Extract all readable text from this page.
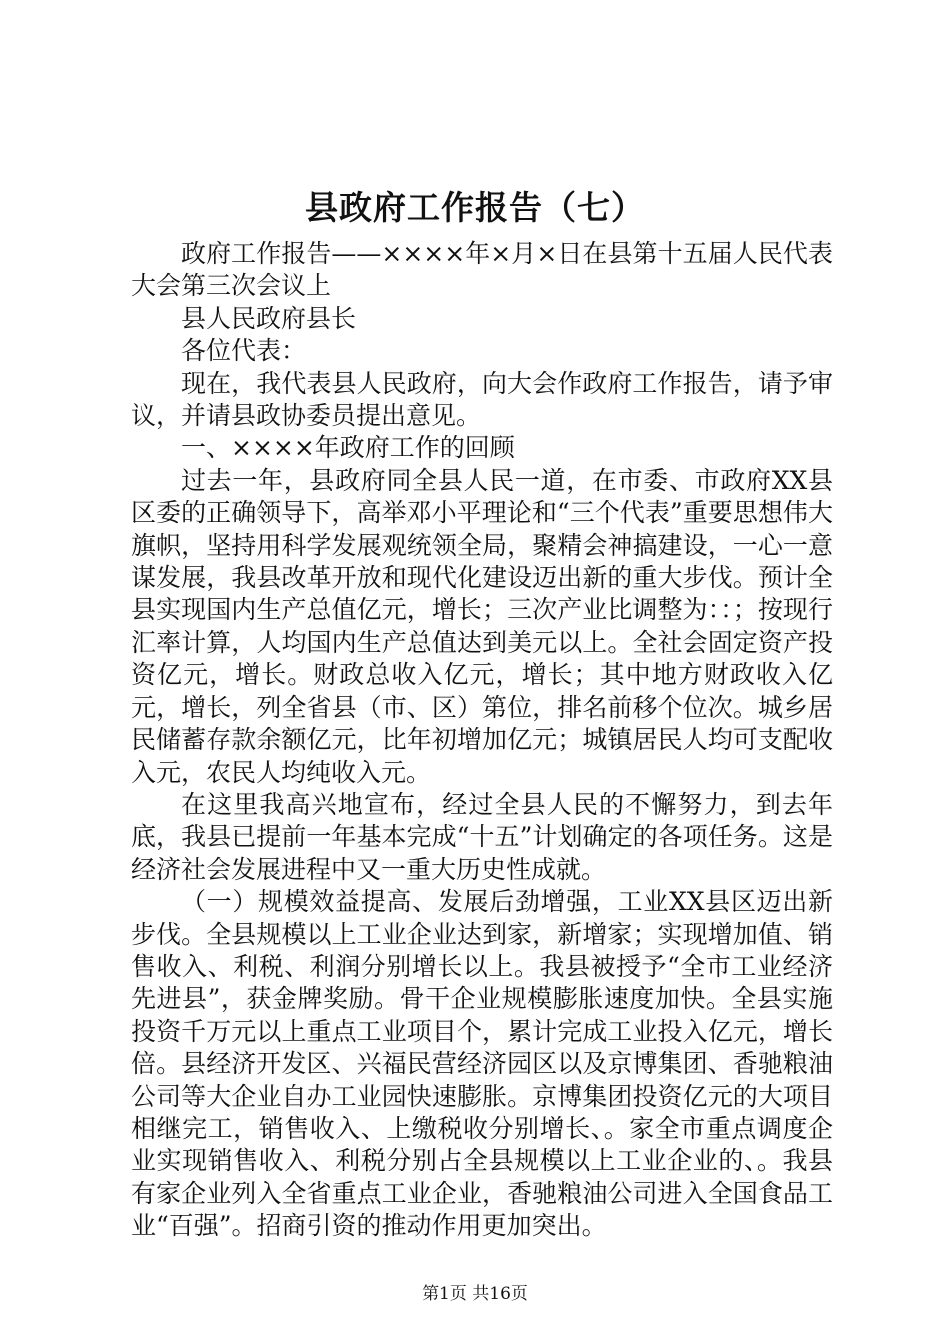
县政府工作报告（七）

政府工作报告——××××年×月×日在县第十五届人民代表大会第三次会议上

县人民政府县长

各位代表：

现在，我代表县人民政府，向大会作政府工作报告，请予审议，并请县政协委员提出意见。

一、××××年政府工作的回顾

过去一年，县政府同全县人民一道，在市委、市政府XX县区委的正确领导下，高举邓小平理论和“三个代表”重要思想伟大旗帜，坚持用科学发展观统领全局，聚精会神搞建设，一心一意谋发展，我县改革开放和现代化建设迈出新的重大步伐。预计全县实现国内生产总值亿元，增长；三次产业比调整为：：；按现行汇率计算，人均国内生产总值达到美元以上。全社会固定资产投资亿元，增长。财政总收入亿元，增长；其中地方财政收入亿元，增长，列全省县（市、区）第位，排名前移个位次。城乡居民储蓄存款余额亿元，比年初增加亿元；城镇居民人均可支配收入元，农民人均纯收入元。

在这里我高兴地宣布，经过全县人民的不懈努力，到去年底，我县已提前一年基本完成“十五”计划确定的各项任务。这是经济社会发展进程中又一重大历史性成就。

（一）规模效益提高、发展后劲增强，工业XX县区迈出新步伐。全县规模以上工业企业达到家，新增家；实现增加值、销售收入、利税、利润分别增长以上。我县被授予“全市工业经济先进县”，获金牌奖励。骨干企业规模膨胀速度加快。全县实施投资千万元以上重点工业项目个，累计完成工业投入亿元，增长倍。县经济开发区、兴福民营经济园区以及京博集团、香驰粮油公司等大企业自办工业园快速膨胀。京博集团投资亿元的大项目相继完工，销售收入、上缴税收分别增长、。家全市重点调度企业实现销售收入、利税分别占全县规模以上工业企业的、。我县有家企业列入全省重点工业企业，香驰粮油公司进入全国食品工业“百强”。招商引资的推动作用更加突出。

第1页 共16页
